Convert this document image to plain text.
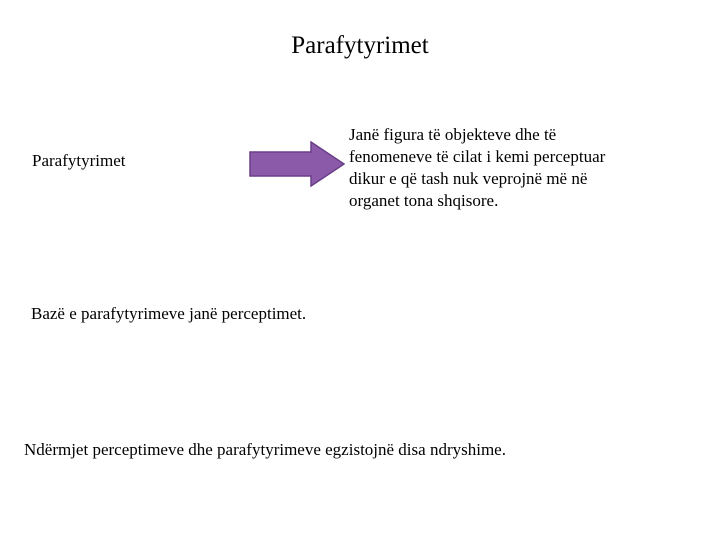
Parafytyrimet
Parafytyrimet
Janë figura të objekteve dhe të
fenomeneve të cilat i kemi perceptuar
dikur e që tash nuk veprojnë më në
organet tona shqisore.
Bazë e parafytyrimeve janë perceptimet.
Ndërmjet perceptimeve dhe parafytyrimeve egzistojnë disa ndryshime.
